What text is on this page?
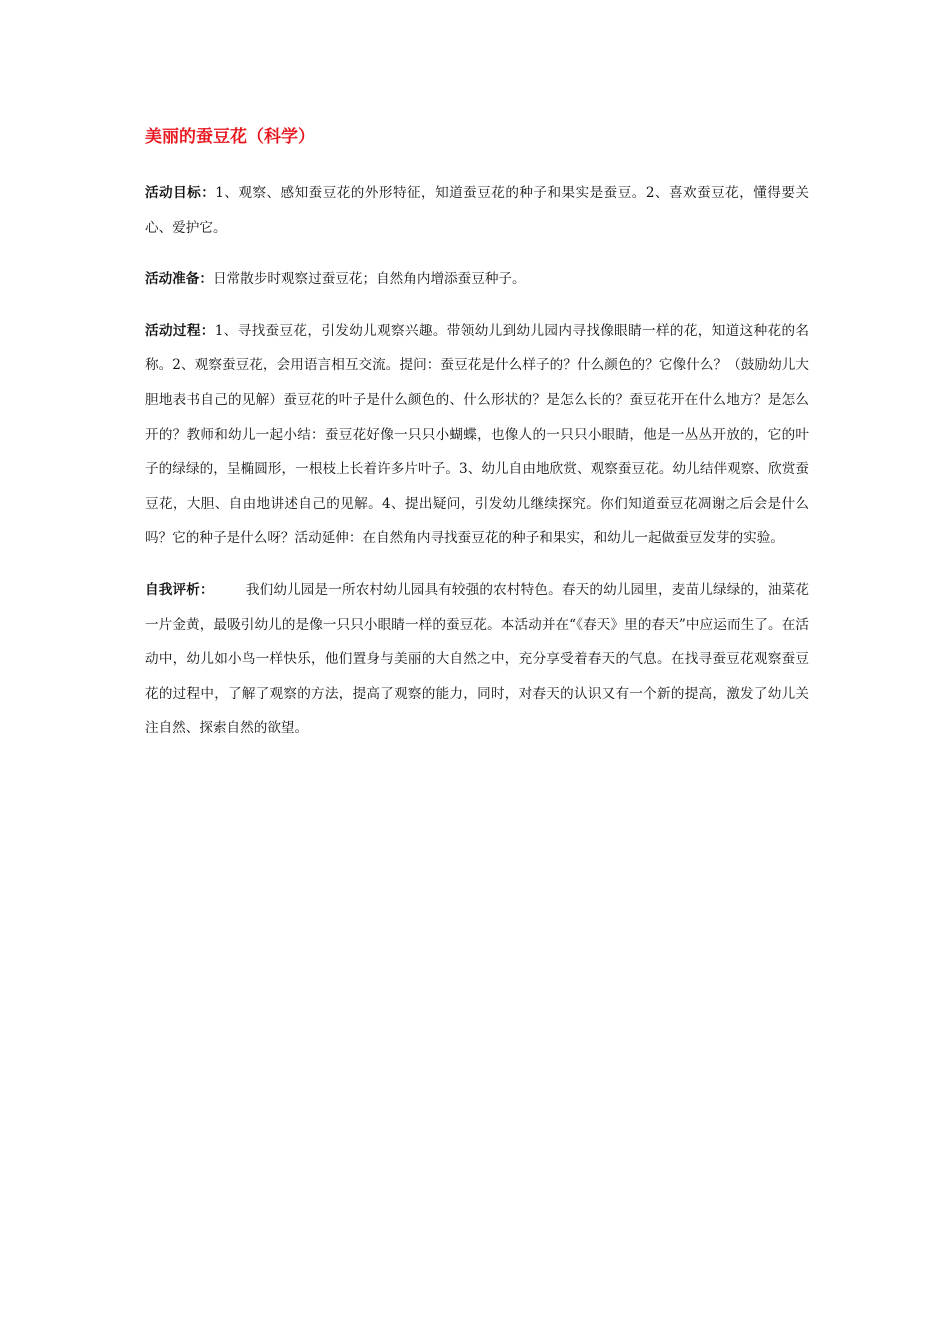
美丽的蚕豆花（科学）

活动目标：1、观察、感知蚕豆花的外形特征，知道蚕豆花的种子和果实是蚕豆。2、喜欢蚕豆花，懂得要关心、爱护它。

活动准备：日常散步时观察过蚕豆花；自然角内增添蚕豆种子。

活动过程：1、寻找蚕豆花，引发幼儿观察兴趣。带领幼儿到幼儿园内寻找像眼睛一样的花，知道这种花的名称。2、观察蚕豆花，会用语言相互交流。提问：蚕豆花是什么样子的？什么颜色的？它像什么？（鼓励幼儿大胆地表书自己的见解）蚕豆花的叶子是什么颜色的、什么形状的？是怎么长的？蚕豆花开在什么地方？是怎么开的？教师和幼儿一起小结：蚕豆花好像一只只小蝴蝶，也像人的一只只小眼睛，他是一丛丛开放的，它的叶子的绿绿的，呈椭圆形，一根枝上长着许多片叶子。3、幼儿自由地欣赏、观察蚕豆花。幼儿结伴观察、欣赏蚕豆花，大胆、自由地讲述自己的见解。4、提出疑问，引发幼儿继续探究。你们知道蚕豆花凋谢之后会是什么吗？它的种子是什么呀？活动延伸：在自然角内寻找蚕豆花的种子和果实，和幼儿一起做蚕豆发芽的实验。

自我评析： 我们幼儿园是一所农村幼儿园具有较强的农村特色。春天的幼儿园里，麦苗儿绿绿的，油菜花一片金黄，最吸引幼儿的是像一只只小眼睛一样的蚕豆花。本活动并在“《春天》里的春天”中应运而生了。在活动中，幼儿如小鸟一样快乐，他们置身与美丽的大自然之中，充分享受着春天的气息。在找寻蚕豆花观察蚕豆花的过程中，了解了观察的方法，提高了观察的能力，同时，对春天的认识又有一个新的提高，激发了幼儿关注自然、探索自然的欲望。
